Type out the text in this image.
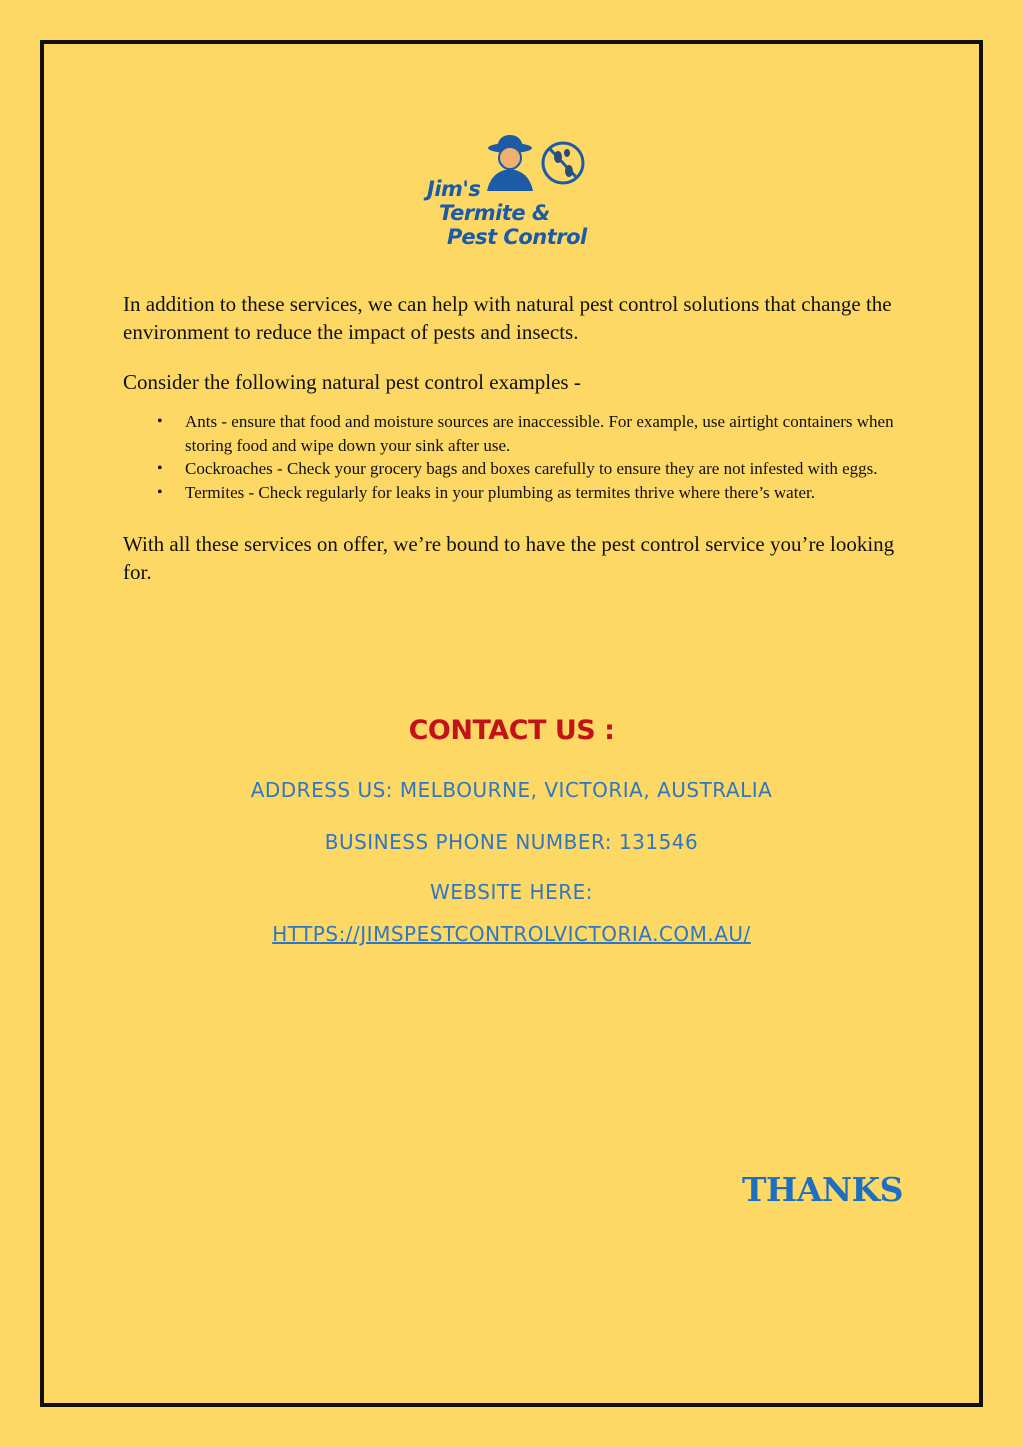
Jim's
Termite &
Pest Control

In addition to these services, we can help with natural pest control solutions that change the environment to reduce the impact of pests and insects.

Consider the following natural pest control examples -

• Ants - ensure that food and moisture sources are inaccessible. For example, use airtight containers when storing food and wipe down your sink after use.
• Cockroaches - Check your grocery bags and boxes carefully to ensure they are not infested with eggs.
• Termites - Check regularly for leaks in your plumbing as termites thrive where there’s water.

With all these services on offer, we’re bound to have the pest control service you’re looking for.

CONTACT US :
ADDRESS US: MELBOURNE, VICTORIA, AUSTRALIA
BUSINESS PHONE NUMBER: 131546
WEBSITE HERE:
HTTPS://JIMSPESTCONTROLVICTORIA.COM.AU/
THANKS
